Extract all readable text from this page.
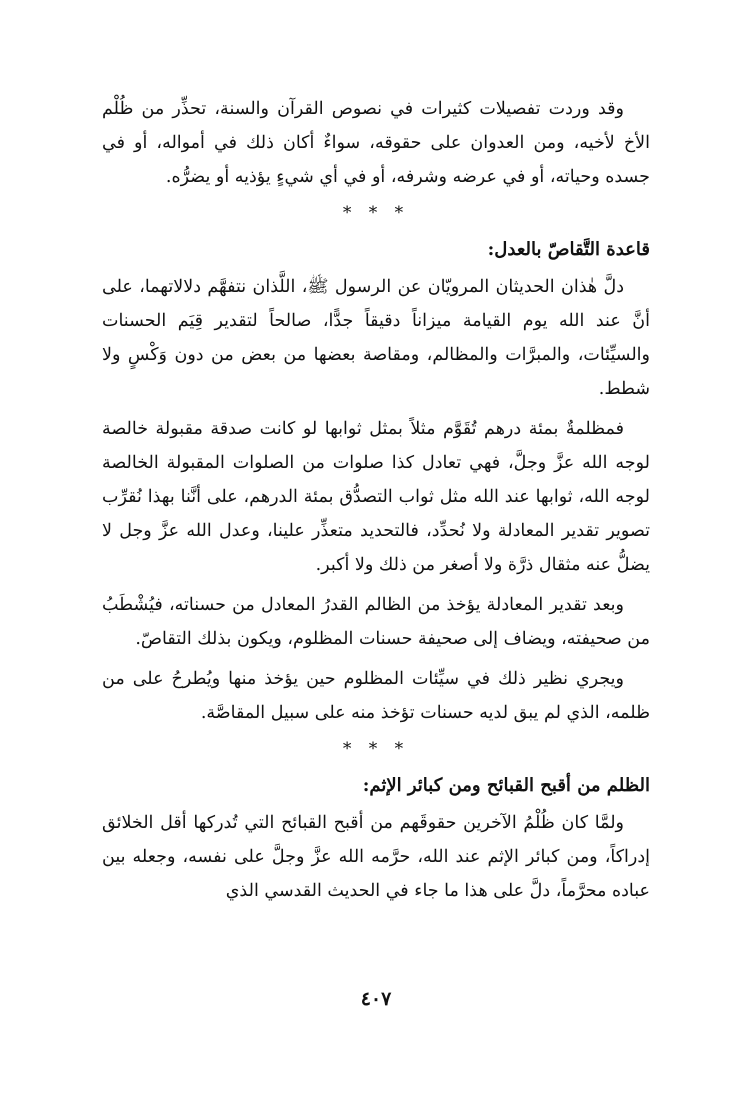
وقد وردت تفصيلات كثيرات في نصوص القرآن والسنة، تحذِّر من ظُلْم الأخ لأخيه، ومن العدوان على حقوقه، سواءٌ أكان ذلك في أمواله، أو في جسده وحياته، أو في عرضه وشرفه، أو في أي شيءٍ يؤذيه أو يضرُّه.

* * *
قاعدة التَّقاصّ بالعدل:

دلَّ هٰذان الحديثان المرويّان عن الرسول ﷺ، اللَّذان نتفهَّم دلالاتهما، على أنَّ عند الله يوم القيامة ميزاناً دقيقاً جدًّا، صالحاً لتقدير قِيَم الحسنات والسيِّئات، والمبرَّات والمظالم، ومقاصة بعضها من بعض من دون وَكْسٍ ولا شطط.

فمظلمةٌ بمئة درهم تُقَوَّم مثلاً بمثل ثوابها لو كانت صدقة مقبولة خالصة لوجه الله عزَّ وجلَّ، فهي تعادل كذا صلوات من الصلوات المقبولة الخالصة لوجه الله، ثوابها عند الله مثل ثواب التصدُّق بمئة الدرهم، على أنَّنا بهذا نُقرِّب تصوير تقدير المعادلة ولا نُحدِّد، فالتحديد متعذِّر علينا، وعدل الله عزَّ وجل لا يضلُّ عنه مثقال ذرَّة ولا أصغر من ذلك ولا أكبر.

وبعد تقدير المعادلة يؤخذ من الظالم القدرُ المعادل من حسناته، فيُشْطَبُ من صحيفته، ويضاف إلى صحيفة حسنات المظلوم، ويكون بذلك التقاصّ.

ويجري نظير ذلك في سيِّئات المظلوم حين يؤخذ منها ويُطرحُ على من ظلمه، الذي لم يبق لديه حسنات تؤخذ منه على سبيل المقاصَّة.

* * *
الظلم من أقبح القبائح ومن كبائر الإثم:

ولمَّا كان ظُلْمُ الآخرين حقوقَهم من أقبح القبائح التي تُدركها أقل الخلائق إدراكاً، ومن كبائر الإثم عند الله، حرَّمه الله عزَّ وجلَّ على نفسه، وجعله بين عباده محرَّماً، دلَّ على هذا ما جاء في الحديث القدسي الذي

٤٠٧
